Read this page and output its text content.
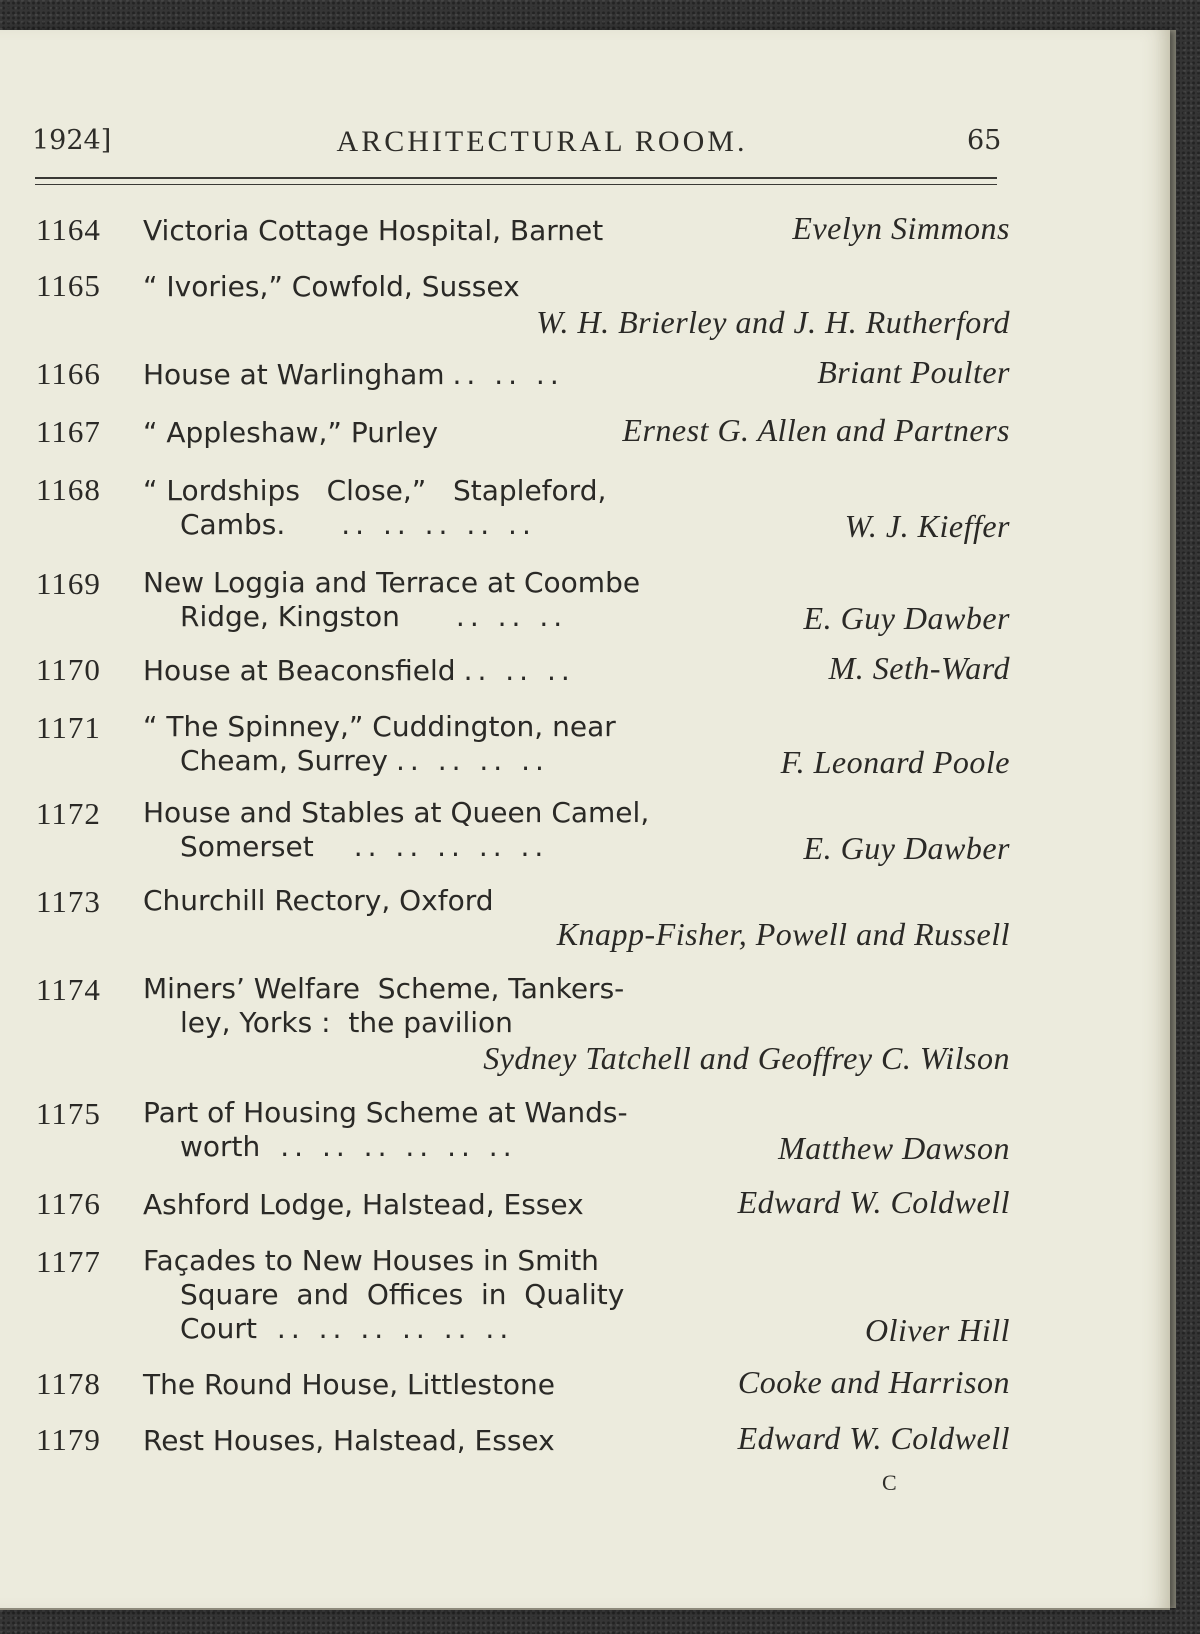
1924]	ARCHITECTURAL ROOM.	65
1164 Victoria Cottage Hospital, Barnet	Evelyn Simmons
1165 “ Ivories,” Cowfold, Sussex
W. H. Brierley and J. H. Rutherford
1166 House at Warlingham .. .. ..	Briant Poulter
1167 “ Appleshaw,” Purley	Ernest G. Allen and Partners
1168 “ Lordships   Close,”   Stapleford,
Cambs. .. .. .. .. ..	W. J. Kieffer
1169 New Loggia and Terrace at Coombe
Ridge, Kingston .. .. ..	E. Guy Dawber
1170 House at Beaconsfield .. .. ..	M. Seth-Ward
1171 “ The Spinney,” Cuddington, near
Cheam, Surrey .. .. .. ..	F. Leonard Poole
1172 House and Stables at Queen Camel,
Somerset .. .. .. .. ..	E. Guy Dawber
1173 Churchill Rectory, Oxford
Knapp-Fisher, Powell and Russell
1174 Miners’ Welfare  Scheme, Tankers-
ley, Yorks :  the pavilion
Sydney Tatchell and Geoffrey C. Wilson
1175 Part of Housing Scheme at Wands-
worth .. .. .. .. .. ..	Matthew Dawson
1176 Ashford Lodge, Halstead, Essex	Edward W. Coldwell
1177 Façades to New Houses in Smith
Square  and  Offices  in  Quality
Court .. .. .. .. .. ..	Oliver Hill
1178 The Round House, Littlestone	Cooke and Harrison
1179 Rest Houses, Halstead, Essex	Edward W. Coldwell
C
